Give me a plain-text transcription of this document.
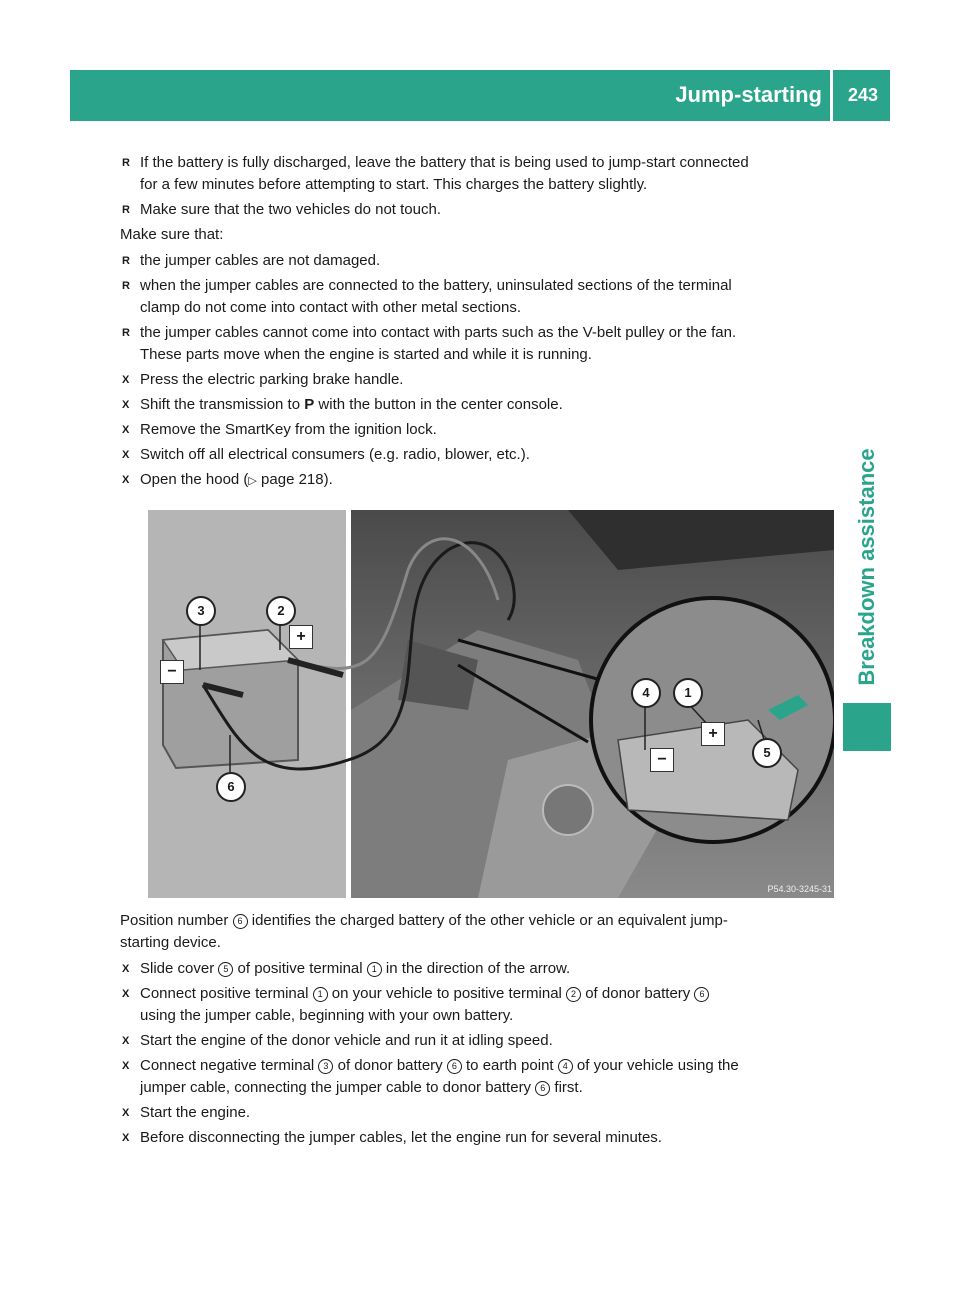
Jump-starting	243
Breakdown assistance
R If the battery is fully discharged, leave the battery that is being used to jump-start connected
for a few minutes before attempting to start. This charges the battery slightly.
R Make sure that the two vehicles do not touch.
Make sure that:
R the jumper cables are not damaged.
R when the jumper cables are connected to the battery, uninsulated sections of the terminal
clamp do not come into contact with other metal sections.
R the jumper cables cannot come into contact with parts such as the V-belt pulley or the fan.
These parts move when the engine is started and while it is running.
X Press the electric parking brake handle.
X Shift the transmission to P with the button in the center console.
X Remove the SmartKey from the ignition lock.
X Switch off all electrical consumers (e.g. radio, blower, etc.).
X Open the hood (▷ page 218).
+
−
+
−
3	2
6
4	1
5
P54.30-3245-31
Position number 6 identifies the charged battery of the other vehicle or an equivalent jump-
starting device.
X Slide cover 5 of positive terminal 1 in the direction of the arrow.
X Connect positive terminal 1 on your vehicle to positive terminal 2 of donor battery 6
using the jumper cable, beginning with your own battery.
X Start the engine of the donor vehicle and run it at idling speed.
X Connect negative terminal 3 of donor battery 6 to earth point 4 of your vehicle using the
jumper cable, connecting the jumper cable to donor battery 6 first.
X Start the engine.
X Before disconnecting the jumper cables, let the engine run for several minutes.
